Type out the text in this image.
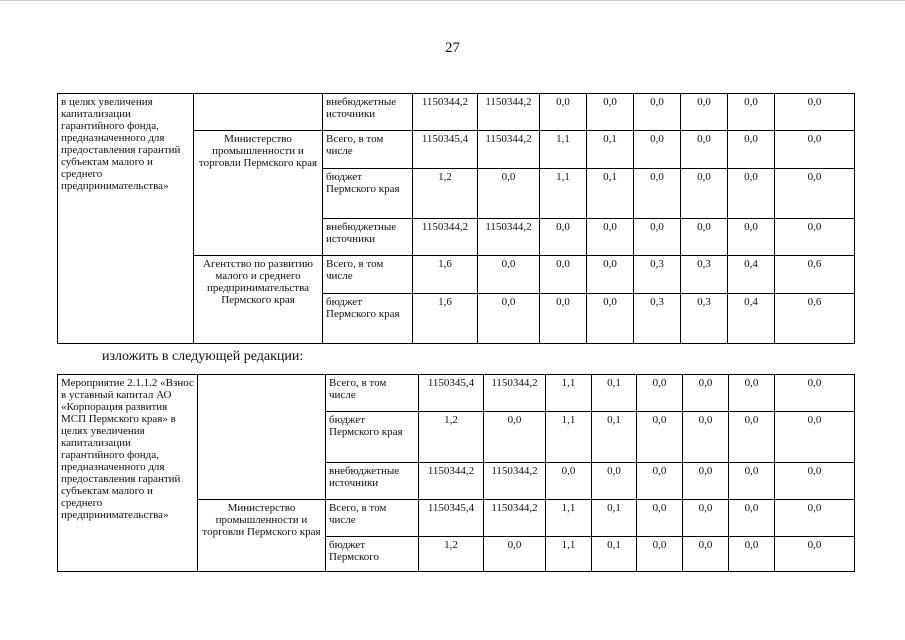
27
в целях увеличения капитализации гарантийного фонда, предназначенного для предоставления гарантий субъектам малого и среднего предпринимательства»		внебюджетные источники	1150344,2	1150344,2	0,0	0,0	0,0	0,0	0,0	0,0
	Министерство промышленности и торговли Пермского края	Всего, в том числе	1150345,4	1150344,2	1,1	0,1	0,0	0,0	0,0	0,0
		бюджет Пермского края	1,2	0,0	1,1	0,1	0,0	0,0	0,0	0,0
		внебюджетные источники	1150344,2	1150344,2	0,0	0,0	0,0	0,0	0,0	0,0
	Агентство по развитию малого и среднего предпринимательства Пермского края	Всего, в том числе	1,6	0,0	0,0	0,0	0,3	0,3	0,4	0,6
		бюджет Пермского края	1,6	0,0	0,0	0,0	0,3	0,3	0,4	0,6
изложить в следующей редакции:
Мероприятие 2.1.1.2 «Взнос в уставный капитал АО «Корпорация развития МСП Пермского края» в целях увеличения капитализации гарантийного фонда, предназначенного для предоставления гарантий субъектам малого и среднего предпринимательства»		Всего, в том числе	1150345,4	1150344,2	1,1	0,1	0,0	0,0	0,0	0,0
		бюджет Пермского края	1,2	0,0	1,1	0,1	0,0	0,0	0,0	0,0
		внебюджетные источники	1150344,2	1150344,2	0,0	0,0	0,0	0,0	0,0	0,0
	Министерство промышленности и торговли Пермского края	Всего, в том числе	1150345,4	1150344,2	1,1	0,1	0,0	0,0	0,0	0,0
		бюджет Пермского	1,2	0,0	1,1	0,1	0,0	0,0	0,0	0,0
